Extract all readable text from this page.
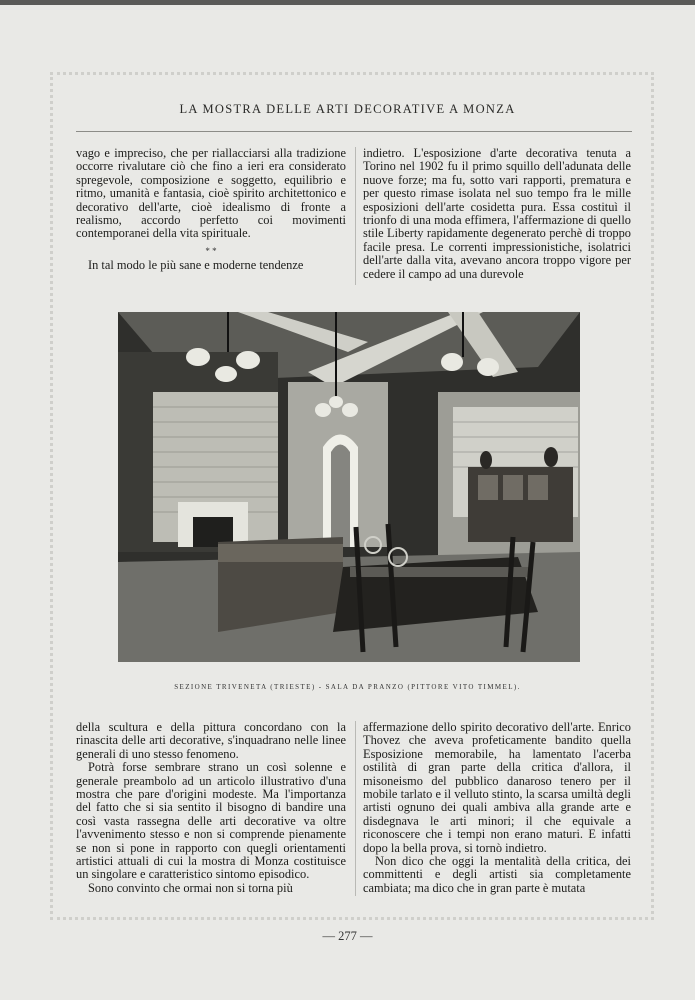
LA MOSTRA DELLE ARTI DECORATIVE A MONZA

vago e impreciso, che per riallacciarsi alla tradizione occorre rivalutare ciò che fino a ieri era considerato spregevole, composizione e soggetto, equilibrio e ritmo, umanità e fantasia, cioè spirito architettonico e decorativo dell'arte, cioè idealismo di fronte a realismo, accordo perfetto coi movimenti contemporanei della vita spirituale.

* *

In tal modo le più sane e moderne tendenze

indietro. L'esposizione d'arte decorativa tenuta a Torino nel 1902 fu il primo squillo dell'adunata delle nuove forze; ma fu, sotto vari rapporti, prematura e per questo rimase isolata nel suo tempo fra le mille esposizioni dell'arte cosidetta pura. Essa costituì il trionfo di una moda effimera, l'affermazione di quello stile Liberty rapidamente degenerato perchè di troppo facile presa. Le correnti impressionistiche, isolatrici dell'arte dalla vita, avevano ancora troppo vigore per cedere il campo ad una durevole

SEZIONE TRIVENETA (TRIESTE) - SALA DA PRANZO (PITTORE VITO TIMMEL).

della scultura e della pittura concordano con la rinascita delle arti decorative, s'inquadrano nelle linee generali di uno stesso fenomeno.

Potrà forse sembrare strano un così solenne e generale preambolo ad un articolo illustrativo d'una mostra che pare d'origini modeste. Ma l'importanza del fatto che si sia sentito il bisogno di bandire una così vasta rassegna delle arti decorative va oltre l'avvenimento stesso e non si comprende pienamente se non si pone in rapporto con quegli orientamenti artistici attuali di cui la mostra di Monza costituisce un singolare e caratteristico sintomo episodico.

Sono convinto che ormai non si torna più

affermazione dello spirito decorativo dell'arte. Enrico Thovez che aveva profeticamente bandito quella Esposizione memorabile, ha lamentato l'acerba ostilità di gran parte della critica d'allora, il misoneismo del pubblico danaroso tenero per il mobile tarlato e il velluto stinto, la scarsa umiltà degli artisti ognuno dei quali ambiva alla grande arte e disdegnava le arti minori; il che equivale a riconoscere che i tempi non erano maturi. E infatti dopo la bella prova, si tornò indietro.

Non dico che oggi la mentalità della critica, dei committenti e degli artisti sia completamente cambiata; ma dico che in gran parte è mutata

— 277 —
